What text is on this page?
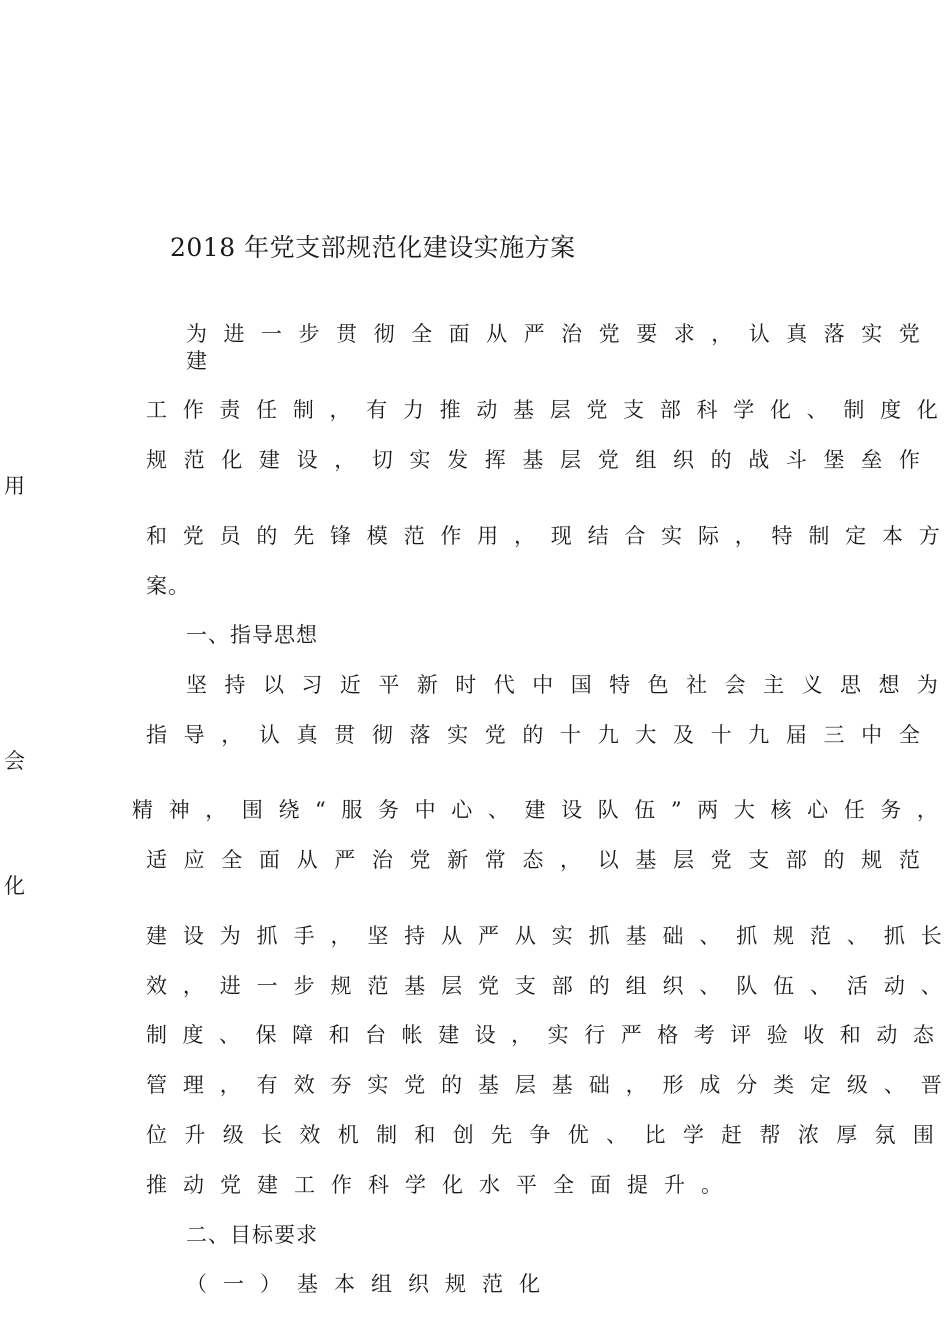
2018 年党支部规范化建设实施方案
为 进 一 步 贯 彻 全 面 从 严 治 党 要 求 ， 认 真 落 实 党
建
工 作 责 任 制 ， 有 力 推 动 基 层 党 支 部 科 学 化 、 制 度 化
规 范 化 建 设 ， 切 实 发 挥 基 层 党 组 织 的 战 斗 堡 垒 作
用
和 党 员 的 先 锋 模 范 作 用 ， 现 结 合 实 际 ， 特 制 定 本 方
案。
一、指导思想
坚 持 以 习 近 平 新 时 代 中 国 特 色 社 会 主 义 思 想 为
指 导 ， 认 真 贯 彻 落 实 党 的 十 九 大 及 十 九 届 三 中 全
会
精 神 ， 围 绕 “ 服 务 中 心 、 建 设 队 伍 ” 两 大 核 心 任 务 ，
适 应 全 面 从 严 治 党 新 常 态 ， 以 基 层 党 支 部 的 规 范
化
建 设 为 抓 手 ， 坚 持 从 严 从 实 抓 基 础 、 抓 规 范 、 抓 长
效 ， 进 一 步 规 范 基 层 党 支 部 的 组 织 、 队 伍 、 活 动 、
制 度 、 保 障 和 台 帐 建 设 ， 实 行 严 格 考 评 验 收 和 动 态
管 理 ， 有 效 夯 实 党 的 基 层 基 础 ， 形 成 分 类 定 级 、 晋
位 升 级 长 效 机 制 和 创 先 争 优 、 比 学 赶 帮 浓 厚 氛 围
推动党建工作科学化水平全面提升。
二、目标要求
（一）基本组织规范化
